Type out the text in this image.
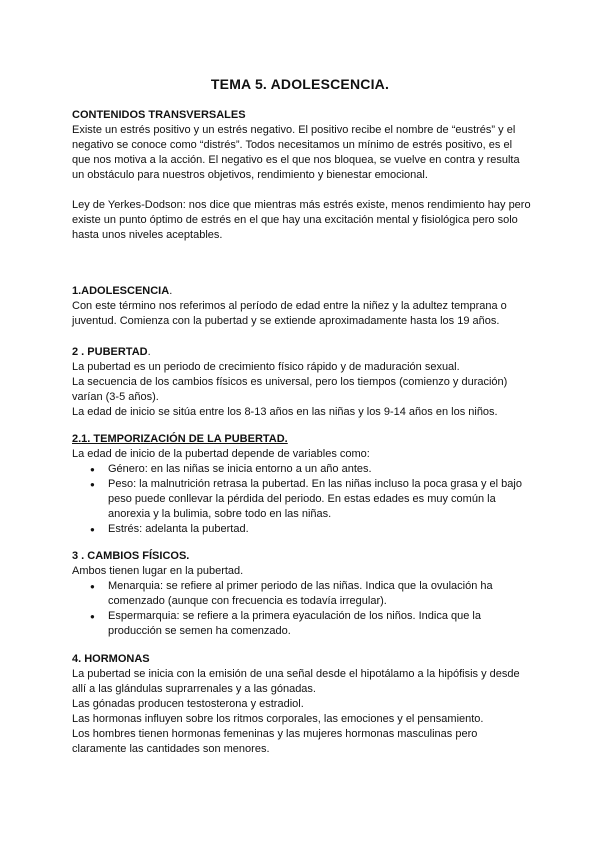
TEMA 5. ADOLESCENCIA.

CONTENIDOS TRANSVERSALES

Existe un estrés positivo y un estrés negativo. El positivo recibe el nombre de “eustrés” y el negativo se conoce como “distrés”. Todos necesitamos un mínimo de estrés positivo, es el que nos motiva a la acción. El negativo es el que nos bloquea, se vuelve en contra y resulta un obstáculo para nuestros objetivos, rendimiento y bienestar emocional.

Ley de Yerkes-Dodson: nos dice que mientras más estrés existe, menos rendimiento hay pero existe un punto óptimo de estrés en el que hay una excitación mental y fisiológica pero solo hasta unos niveles aceptables.

1.ADOLESCENCIA.

Con este término nos referimos al período de edad entre la niñez y la adultez temprana o juventud. Comienza con la pubertad y se extiende aproximadamente hasta los 19 años.

2 . PUBERTAD.

La pubertad es un periodo de crecimiento físico rápido y de maduración sexual.

La secuencia de los cambios físicos es universal, pero los tiempos (comienzo y duración) varían (3-5 años).

La edad de inicio se sitúa entre los 8-13 años en las niñas y los 9-14 años en los niños.

2.1. TEMPORIZACIÓN DE LA PUBERTAD.

La edad de inicio de la pubertad depende de variables como:

● Género: en las niñas se inicia entorno a un año antes.
● Peso: la malnutrición retrasa la pubertad. En las niñas incluso la poca grasa y el bajo peso puede conllevar la pérdida del periodo. En estas edades es muy común la anorexia y la bulimia, sobre todo en las niñas.
● Estrés: adelanta la pubertad.

3 . CAMBIOS FÍSICOS.

Ambos tienen lugar en la pubertad.

● Menarquia: se refiere al primer periodo de las niñas. Indica que la ovulación ha comenzado (aunque con frecuencia es todavía irregular).
● Espermarquia: se refiere a la primera eyaculación de los niños. Indica que la producción se semen ha comenzado.

4. HORMONAS

La pubertad se inicia con la emisión de una señal desde el hipotálamo a la hipófisis y desde allí a las glándulas suprarrenales y a las gónadas.

Las gónadas producen testosterona y estradiol.

Las hormonas influyen sobre los ritmos corporales, las emociones y el pensamiento.

Los hombres tienen hormonas femeninas y las mujeres hormonas masculinas pero claramente las cantidades son menores.
